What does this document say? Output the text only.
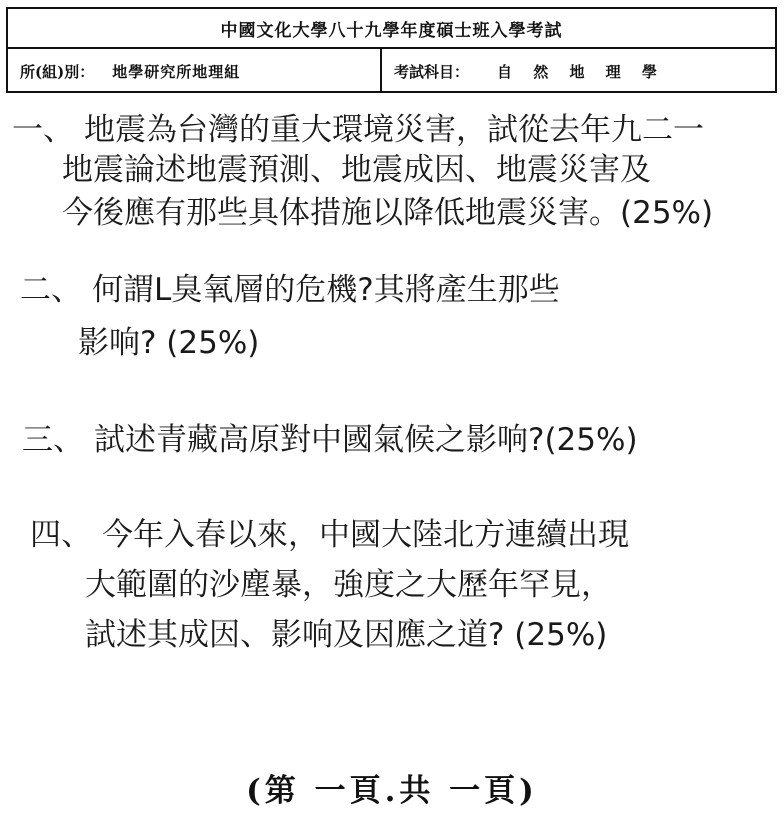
中國文化大學八十九學年度碩士班入學考試
所(組)別： 地學研究所地理組	考試科目： 自 然 地 理 學
一、 地震為台灣的重大環境災害，試從去年九二一
地震論述地震預測、地震成因、地震災害及
今後應有那些具体措施以降低地震災害。(25%)
二、 何謂L臭氧層的危機?其將產生那些
影响? (25%)
三、 試述青藏高原對中國氣候之影响?(25%)
四、 今年入春以來，中國大陸北方連續出現
大範圍的沙塵暴，強度之大歷年罕見，
試述其成因、影响及因應之道? (25%)
(第 一頁.共 一頁)
